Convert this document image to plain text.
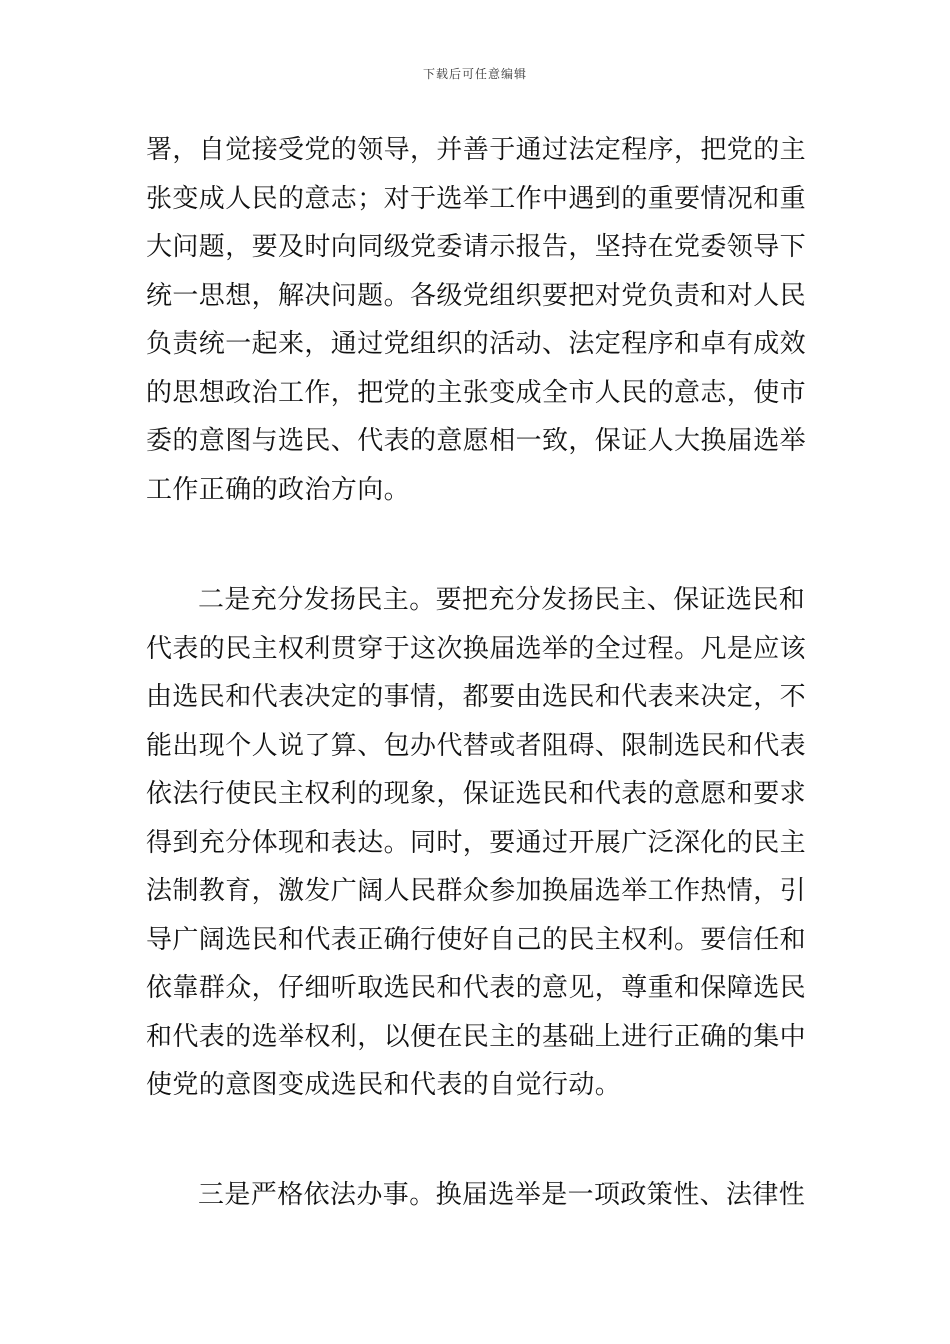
下载后可任意编辑
署，自觉接受党的领导，并善于通过法定程序，把党的主
张变成人民的意志；对于选举工作中遇到的重要情况和重
大问题，要及时向同级党委请示报告，坚持在党委领导下
统一思想，解决问题。各级党组织要把对党负责和对人民
负责统一起来，通过党组织的活动、法定程序和卓有成效
的思想政治工作，把党的主张变成全市人民的意志，使市
委的意图与选民、代表的意愿相一致，保证人大换届选举
工作正确的政治方向。
二是充分发扬民主。要把充分发扬民主、保证选民和
代表的民主权利贯穿于这次换届选举的全过程。凡是应该
由选民和代表决定的事情，都要由选民和代表来决定，不
能出现个人说了算、包办代替或者阻碍、限制选民和代表
依法行使民主权利的现象，保证选民和代表的意愿和要求
得到充分体现和表达。同时，要通过开展广泛深化的民主
法制教育，激发广阔人民群众参加换届选举工作热情，引
导广阔选民和代表正确行使好自己的民主权利。要信任和
依靠群众，仔细听取选民和代表的意见，尊重和保障选民
和代表的选举权利，以便在民主的基础上进行正确的集中
使党的意图变成选民和代表的自觉行动。
三是严格依法办事。换届选举是一项政策性、法律性
